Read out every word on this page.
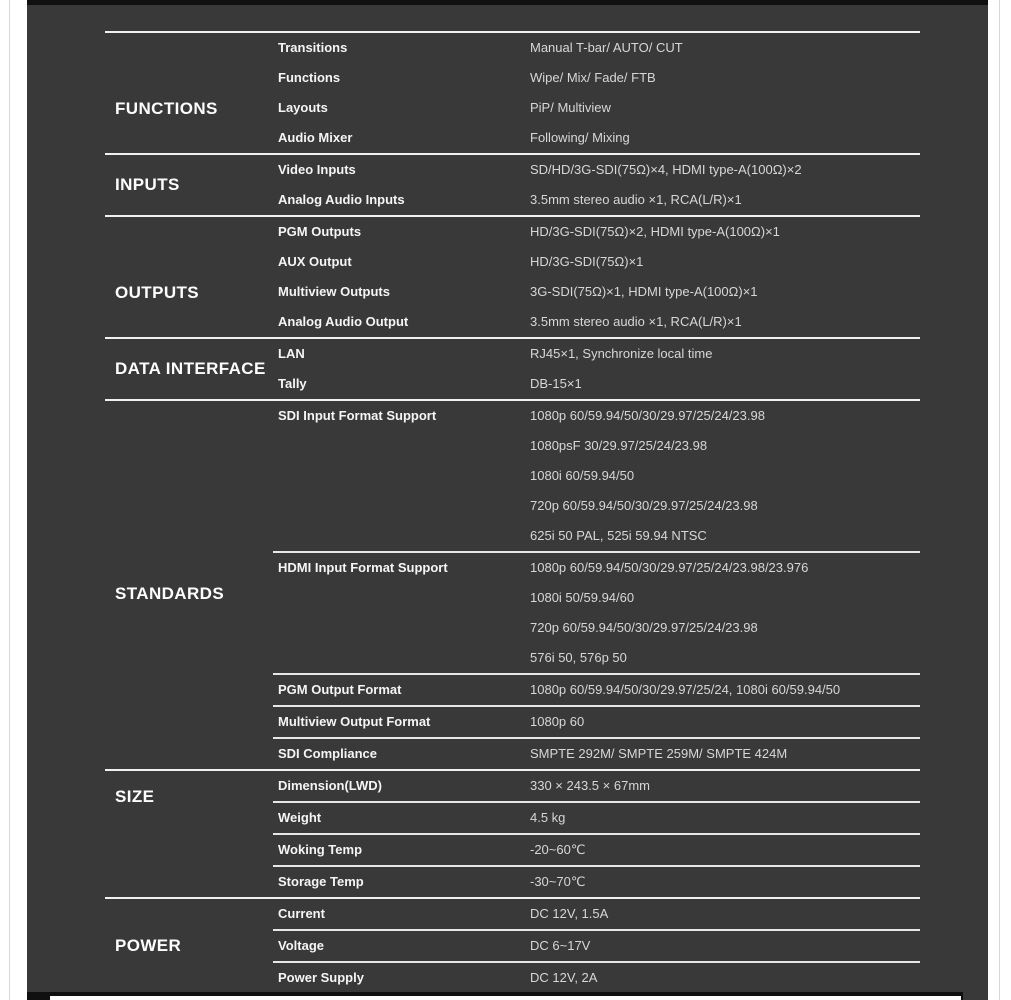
FUNCTIONS
Transitions	Manual T-bar/ AUTO/ CUT
Functions	Wipe/ Mix/ Fade/ FTB
Layouts	PiP/ Multiview
Audio Mixer	Following/ Mixing
INPUTS
Video Inputs	SD/HD/3G-SDI(75Ω)×4, HDMI type-A(100Ω)×2
Analog Audio Inputs	3.5mm stereo audio ×1, RCA(L/R)×1
OUTPUTS
PGM Outputs	HD/3G-SDI(75Ω)×2, HDMI type-A(100Ω)×1
AUX Output	HD/3G-SDI(75Ω)×1
Multiview Outputs	3G-SDI(75Ω)×1, HDMI type-A(100Ω)×1
Analog Audio Output	3.5mm stereo audio ×1, RCA(L/R)×1
DATA INTERFACE
LAN	RJ45×1, Synchronize local time
Tally	DB-15×1
STANDARDS
SDI Input Format Support	1080p 60/59.94/50/30/29.97/25/24/23.98
1080psF 30/29.97/25/24/23.98
1080i 60/59.94/50
720p 60/59.94/50/30/29.97/25/24/23.98
625i 50 PAL, 525i 59.94 NTSC
HDMI Input Format Support	1080p 60/59.94/50/30/29.97/25/24/23.98/23.976
1080i 50/59.94/60
720p 60/59.94/50/30/29.97/25/24/23.98
576i 50, 576p 50
PGM Output Format	1080p 60/59.94/50/30/29.97/25/24, 1080i 60/59.94/50
Multiview Output Format	1080p 60
SDI Compliance	SMPTE 292M/ SMPTE 259M/ SMPTE 424M
SIZE
Dimension(LWD)	330 × 243.5 × 67mm
Weight	4.5 kg
Woking Temp	-20~60℃
Storage Temp	-30~70℃
POWER
Current	DC 12V, 1.5A
Voltage	DC 6~17V
Power Supply	DC 12V, 2A
